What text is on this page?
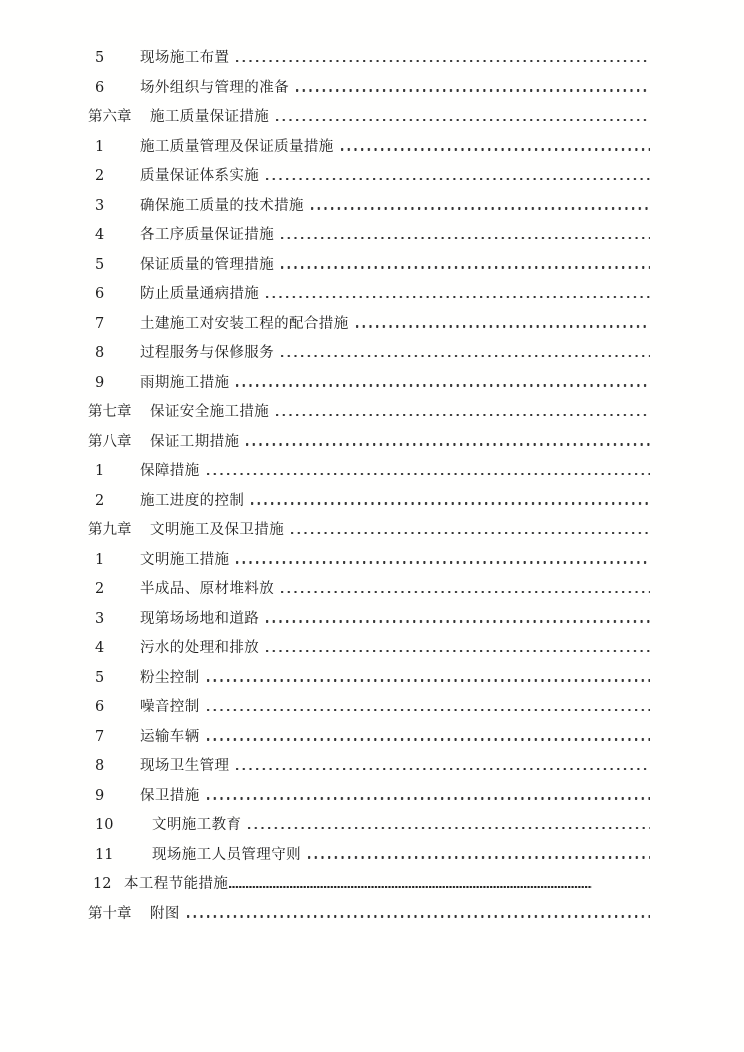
5	现场施工布置
6	场外组织与管理的准备
第六章	施工质量保证措施
1	施工质量管理及保证质量措施
2	质量保证体系实施
3	确保施工质量的技术措施
4	各工序质量保证措施
5	保证质量的管理措施
6	防止质量通病措施
7	土建施工对安装工程的配合措施
8	过程服务与保修服务
9	雨期施工措施
第七章	保证安全施工措施
第八章	保证工期措施
1	保障措施
2	施工进度的控制
第九章	文明施工及保卫措施
1	文明施工措施
2	半成品、原材堆料放
3	现第场场地和道路
4	污水的处理和排放
5	粉尘控制
6	噪音控制
7	运输车辆
8	现场卫生管理
9	保卫措施
10	文明施工教育
11	现场施工人员管理守则
12 本工程节能措施
第十章	附图
